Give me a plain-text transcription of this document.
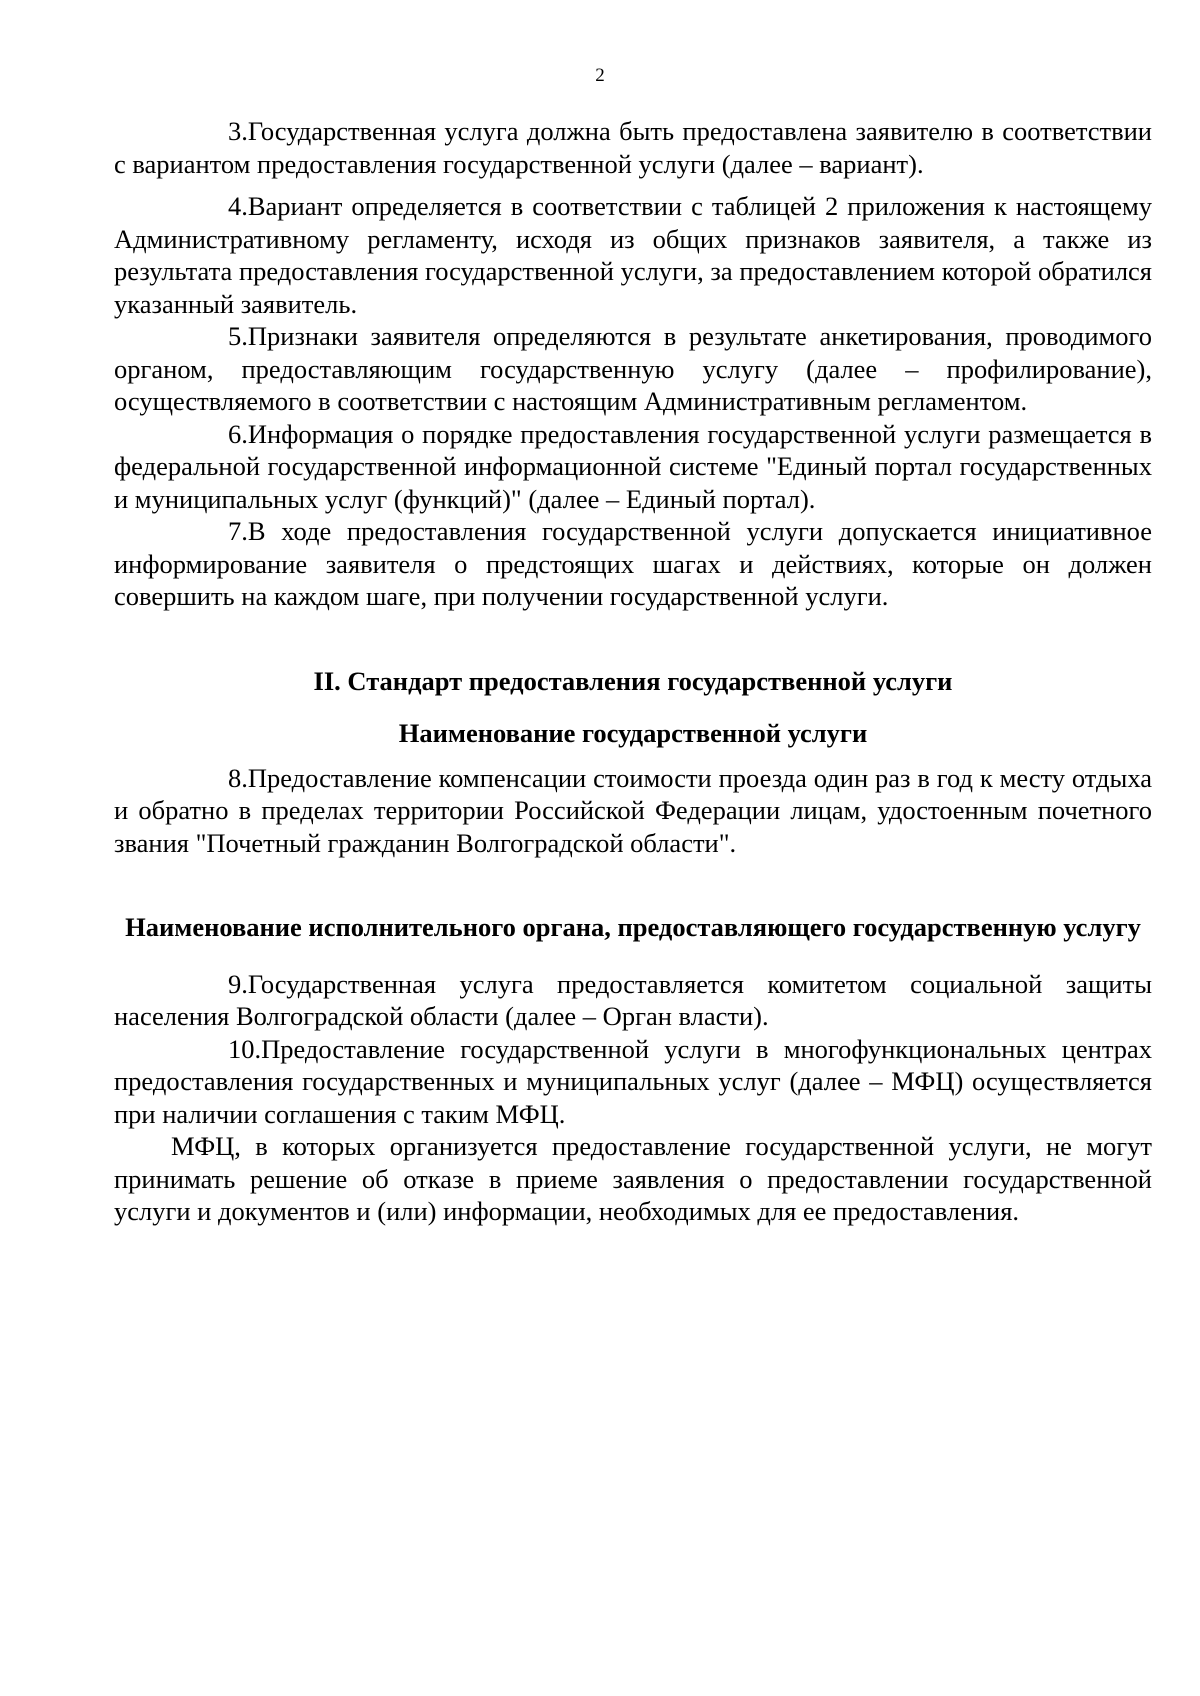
2

3.Государственная услуга должна быть предоставлена заявителю в соответствии с вариантом предоставления государственной услуги (далее – вариант).

4.Вариант определяется в соответствии с таблицей 2 приложения к настоящему Административному регламенту, исходя из общих признаков заявителя, а также из результата предоставления государственной услуги, за предоставлением которой обратился указанный заявитель.

5.Признаки заявителя определяются в результате анкетирования, проводимого органом, предоставляющим государственную услугу (далее – профилирование), осуществляемого в соответствии с настоящим Административным регламентом.

6.Информация о порядке предоставления государственной услуги размещается в федеральной государственной информационной системе "Единый портал государственных и муниципальных услуг (функций)" (далее – Единый портал).

7.В ходе предоставления государственной услуги допускается инициативное информирование заявителя о предстоящих шагах и действиях, которые он должен совершить на каждом шаге, при получении государственной услуги.

II. Стандарт предоставления государственной услуги

Наименование государственной услуги

8.Предоставление компенсации стоимости проезда один раз в год к месту отдыха и обратно в пределах территории Российской Федерации лицам, удостоенным почетного звания "Почетный гражданин Волгоградской области".

Наименование исполнительного органа, предоставляющего государственную услугу

9.Государственная услуга предоставляется комитетом социальной защиты населения Волгоградской области (далее – Орган власти).

10.Предоставление государственной услуги в многофункциональных центрах предоставления государственных и муниципальных услуг (далее – МФЦ) осуществляется при наличии соглашения с таким МФЦ.

МФЦ, в которых организуется предоставление государственной услуги, не могут принимать решение об отказе в приеме заявления о предоставлении государственной услуги и документов и (или) информации, необходимых для ее предоставления.
